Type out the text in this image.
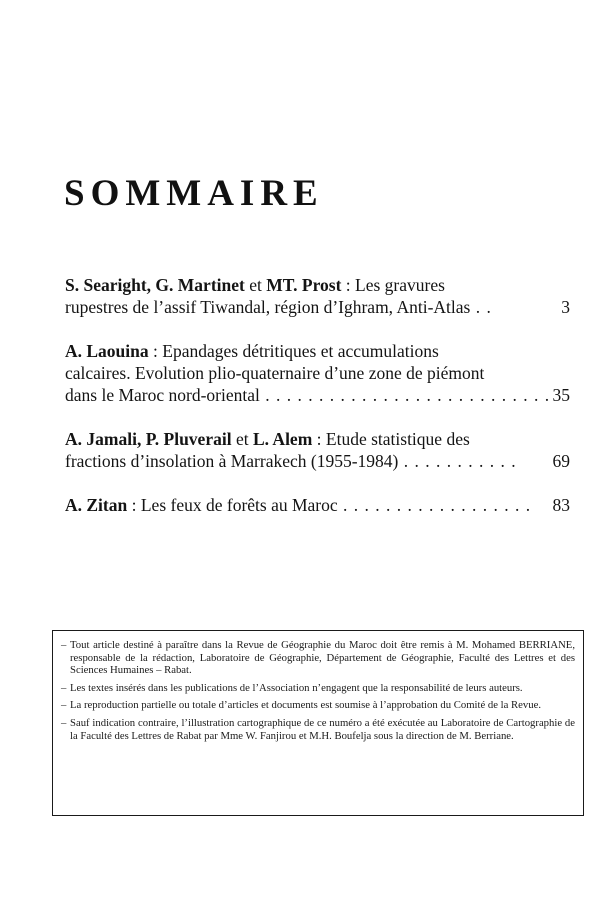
SOMMAIRE
S. Searight, G. Martinet et MT. Prost : Les gravures
rupestres de l’assif Tiwandal, région d’Ighram, Anti-Atlas . .	3
A. Laouina : Epandages détritiques et accumulations
calcaires. Evolution plio-quaternaire d’une zone de piémont
dans le Maroc nord-oriental . . . . . . . . . . . . . . . . . . . . . . . . . . . 35
A. Jamali, P. Pluverail et L. Alem : Etude statistique des
fractions d’insolation à Marrakech (1955-1984) . . . . . . . . . . . 69
A. Zitan : Les feux de forêts au Maroc . . . . . . . . . . . . . . . . . . 83
– Tout article destiné à paraître dans la Revue de Géographie du Maroc doit être remis à M. Mohamed BERRIANE, responsable de la rédaction, Laboratoire de Géographie, Département de Géographie, Faculté des Lettres et des Sciences Humaines – Rabat.
– Les textes insérés dans les publications de l’Association n’engagent que la responsabilité de leurs auteurs.
– La reproduction partielle ou totale d’articles et documents est soumise à l’approbation du Comité de la Revue.
– Sauf indication contraire, l’illustration cartographique de ce numéro a été exécutée au Laboratoire de Cartographie de la Faculté des Lettres de Rabat par Mme W. Fanjirou et M.H. Boufelja sous la direction de M. Berriane.
